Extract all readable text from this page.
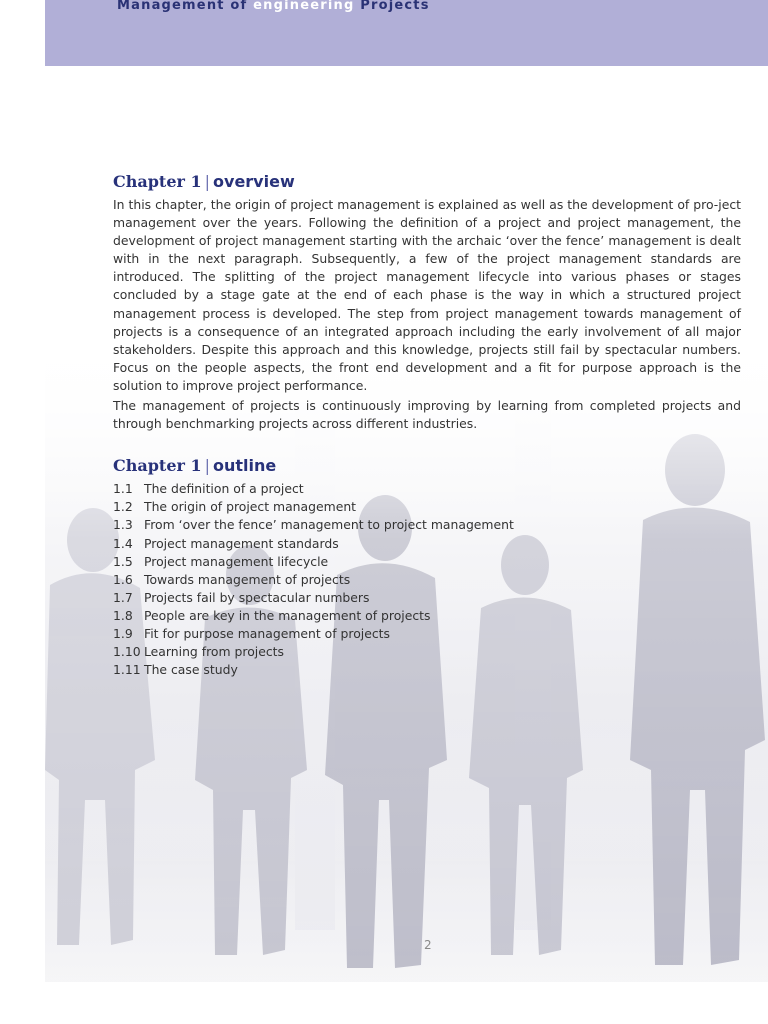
Management of engineering Projects
Chapter 1 | overview

In this chapter, the origin of project management is explained as well as the development of pro-ject management over the years. Following the definition of a project and project management, the development of project management starting with the archaic ‘over the fence’ management is dealt with in the next paragraph. Subsequently, a few of the project management standards are introduced. The splitting of the project management lifecycle into various phases or stages concluded by a stage gate at the end of each phase is the way in which a structured project management process is developed. The step from project management towards management of projects is a consequence of an integrated approach including the early involvement of all major stakeholders. Despite this approach and this knowledge, projects still fail by spectacular numbers. Focus on the people aspects, the front end development and a fit for purpose approach is the solution to improve project performance.

The management of projects is continuously improving by learning from completed projects and through benchmarking projects across different industries.

Chapter 1 | outline
1.1 The definition of a project
1.2 The origin of project management
1.3 From ‘over the fence’ management to project management
1.4 Project management standards
1.5 Project management lifecycle
1.6 Towards management of projects
1.7 Projects fail by spectacular numbers
1.8 People are key in the management of projects
1.9 Fit for purpose management of projects
1.10 Learning from projects
1.11 The case study
2
